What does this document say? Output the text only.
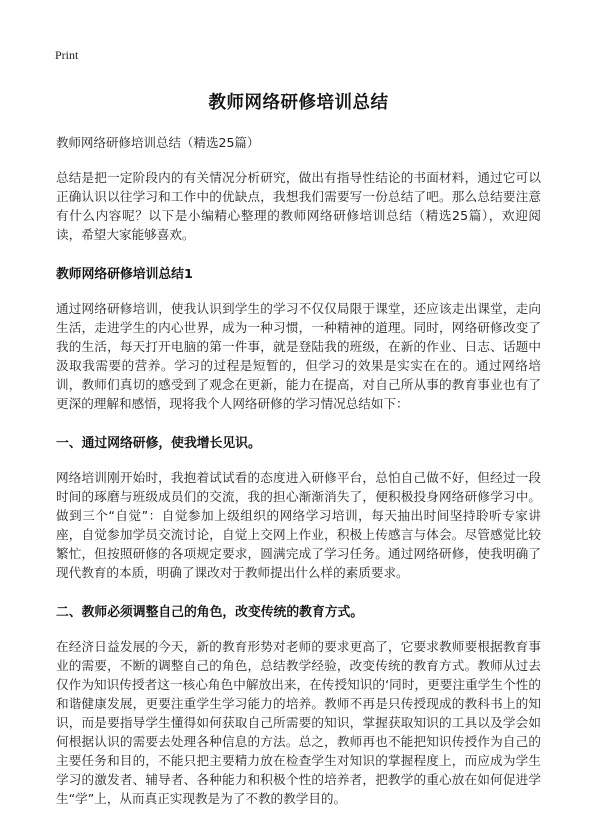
Print
教师网络研修培训总结
教师网络研修培训总结（精选25篇）

总结是把一定阶段内的有关情况分析研究，做出有指导性结论的书面材料，通过它可以正确认识以往学习和工作中的优缺点，我想我们需要写一份总结了吧。那么总结要注意有什么内容呢？以下是小编精心整理的教师网络研修培训总结（精选25篇），欢迎阅读，希望大家能够喜欢。

教师网络研修培训总结1

通过网络研修培训，使我认识到学生的学习不仅仅局限于课堂，还应该走出课堂，走向生活，走进学生的内心世界，成为一种习惯，一种精神的道理。同时，网络研修改变了我的生活，每天打开电脑的第一件事，就是登陆我的班级，在新的作业、日志、话题中汲取我需要的营养。学习的过程是短暂的，但学习的效果是实实在在的。通过网络培训，教师们真切的感受到了观念在更新，能力在提高，对自己所从事的教育事业也有了更深的理解和感悟，现将我个人网络研修的学习情况总结如下：

一、通过网络研修，使我增长见识。

网络培训刚开始时，我抱着试试看的态度进入研修平台，总怕自己做不好，但经过一段时间的琢磨与班级成员们的交流，我的担心渐渐消失了，便积极投身网络研修学习中。做到三个“自觉”：自觉参加上级组织的网络学习培训，每天抽出时间坚持聆听专家讲座，自觉参加学员交流讨论，自觉上交网上作业，积极上传感言与体会。尽管感觉比较繁忙，但按照研修的各项规定要求，圆满完成了学习任务。通过网络研修，使我明确了现代教育的本质，明确了课改对于教师提出什么样的素质要求。

二、教师必须调整自己的角色，改变传统的教育方式。

在经济日益发展的今天，新的教育形势对老师的要求更高了，它要求教师要根据教育事业的需要，不断的调整自己的角色，总结教学经验，改变传统的教育方式。教师从过去仅作为知识传授者这一核心角色中解放出来，在传授知识的‘同时，更要注重学生个性的和谐健康发展，更要注重学生学习能力的培养。教师不再是只传授现成的教科书上的知识，而是要指导学生懂得如何获取自己所需要的知识，掌握获取知识的工具以及学会如何根据认识的需要去处理各种信息的方法。总之，教师再也不能把知识传授作为自己的主要任务和目的，不能只把主要精力放在检查学生对知识的掌握程度上，而应成为学生学习的激发者、辅导者、各种能力和积极个性的培养者，把教学的重心放在如何促进学生“学”上，从而真正实现教是为了不教的教学目的。
